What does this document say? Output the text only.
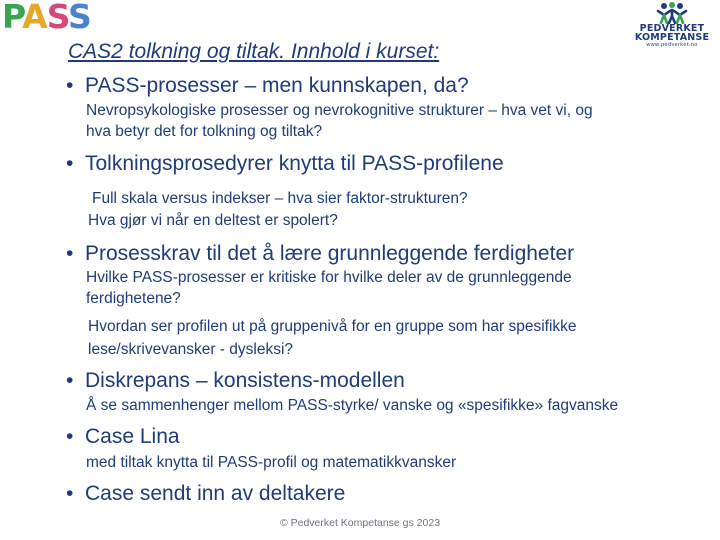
PASS	PEDVERKET
KOMPETANSE
www.pedverket.no
CAS2 tolkning og tiltak. Innhold i kurset:
• PASS-prosesser – men kunnskapen, da?
Nevropsykologiske prosesser og nevrokognitive strukturer – hva vet vi, og
hva betyr det for tolkning og tiltak?
• Tolkningsprosedyrer knytta til PASS-profilene
Full skala versus indekser – hva sier faktor-strukturen?
Hva gjør vi når en deltest er spolert?
• Prosesskrav til det å lære grunnleggende ferdigheter
Hvilke PASS-prosesser er kritiske for hvilke deler av de grunnleggende
ferdighetene?
Hvordan ser profilen ut på gruppenivå for en gruppe som har spesifikke
lese/skrivevansker - dysleksi?
• Diskrepans – konsistens-modellen
Å se sammenhenger mellom PASS-styrke/ vanske og «spesifikke» fagvanske
• Case Lina
med tiltak knytta til PASS-profil og matematikkvansker
• Case sendt inn av deltakere
© Pedverket Kompetanse gs 2023
